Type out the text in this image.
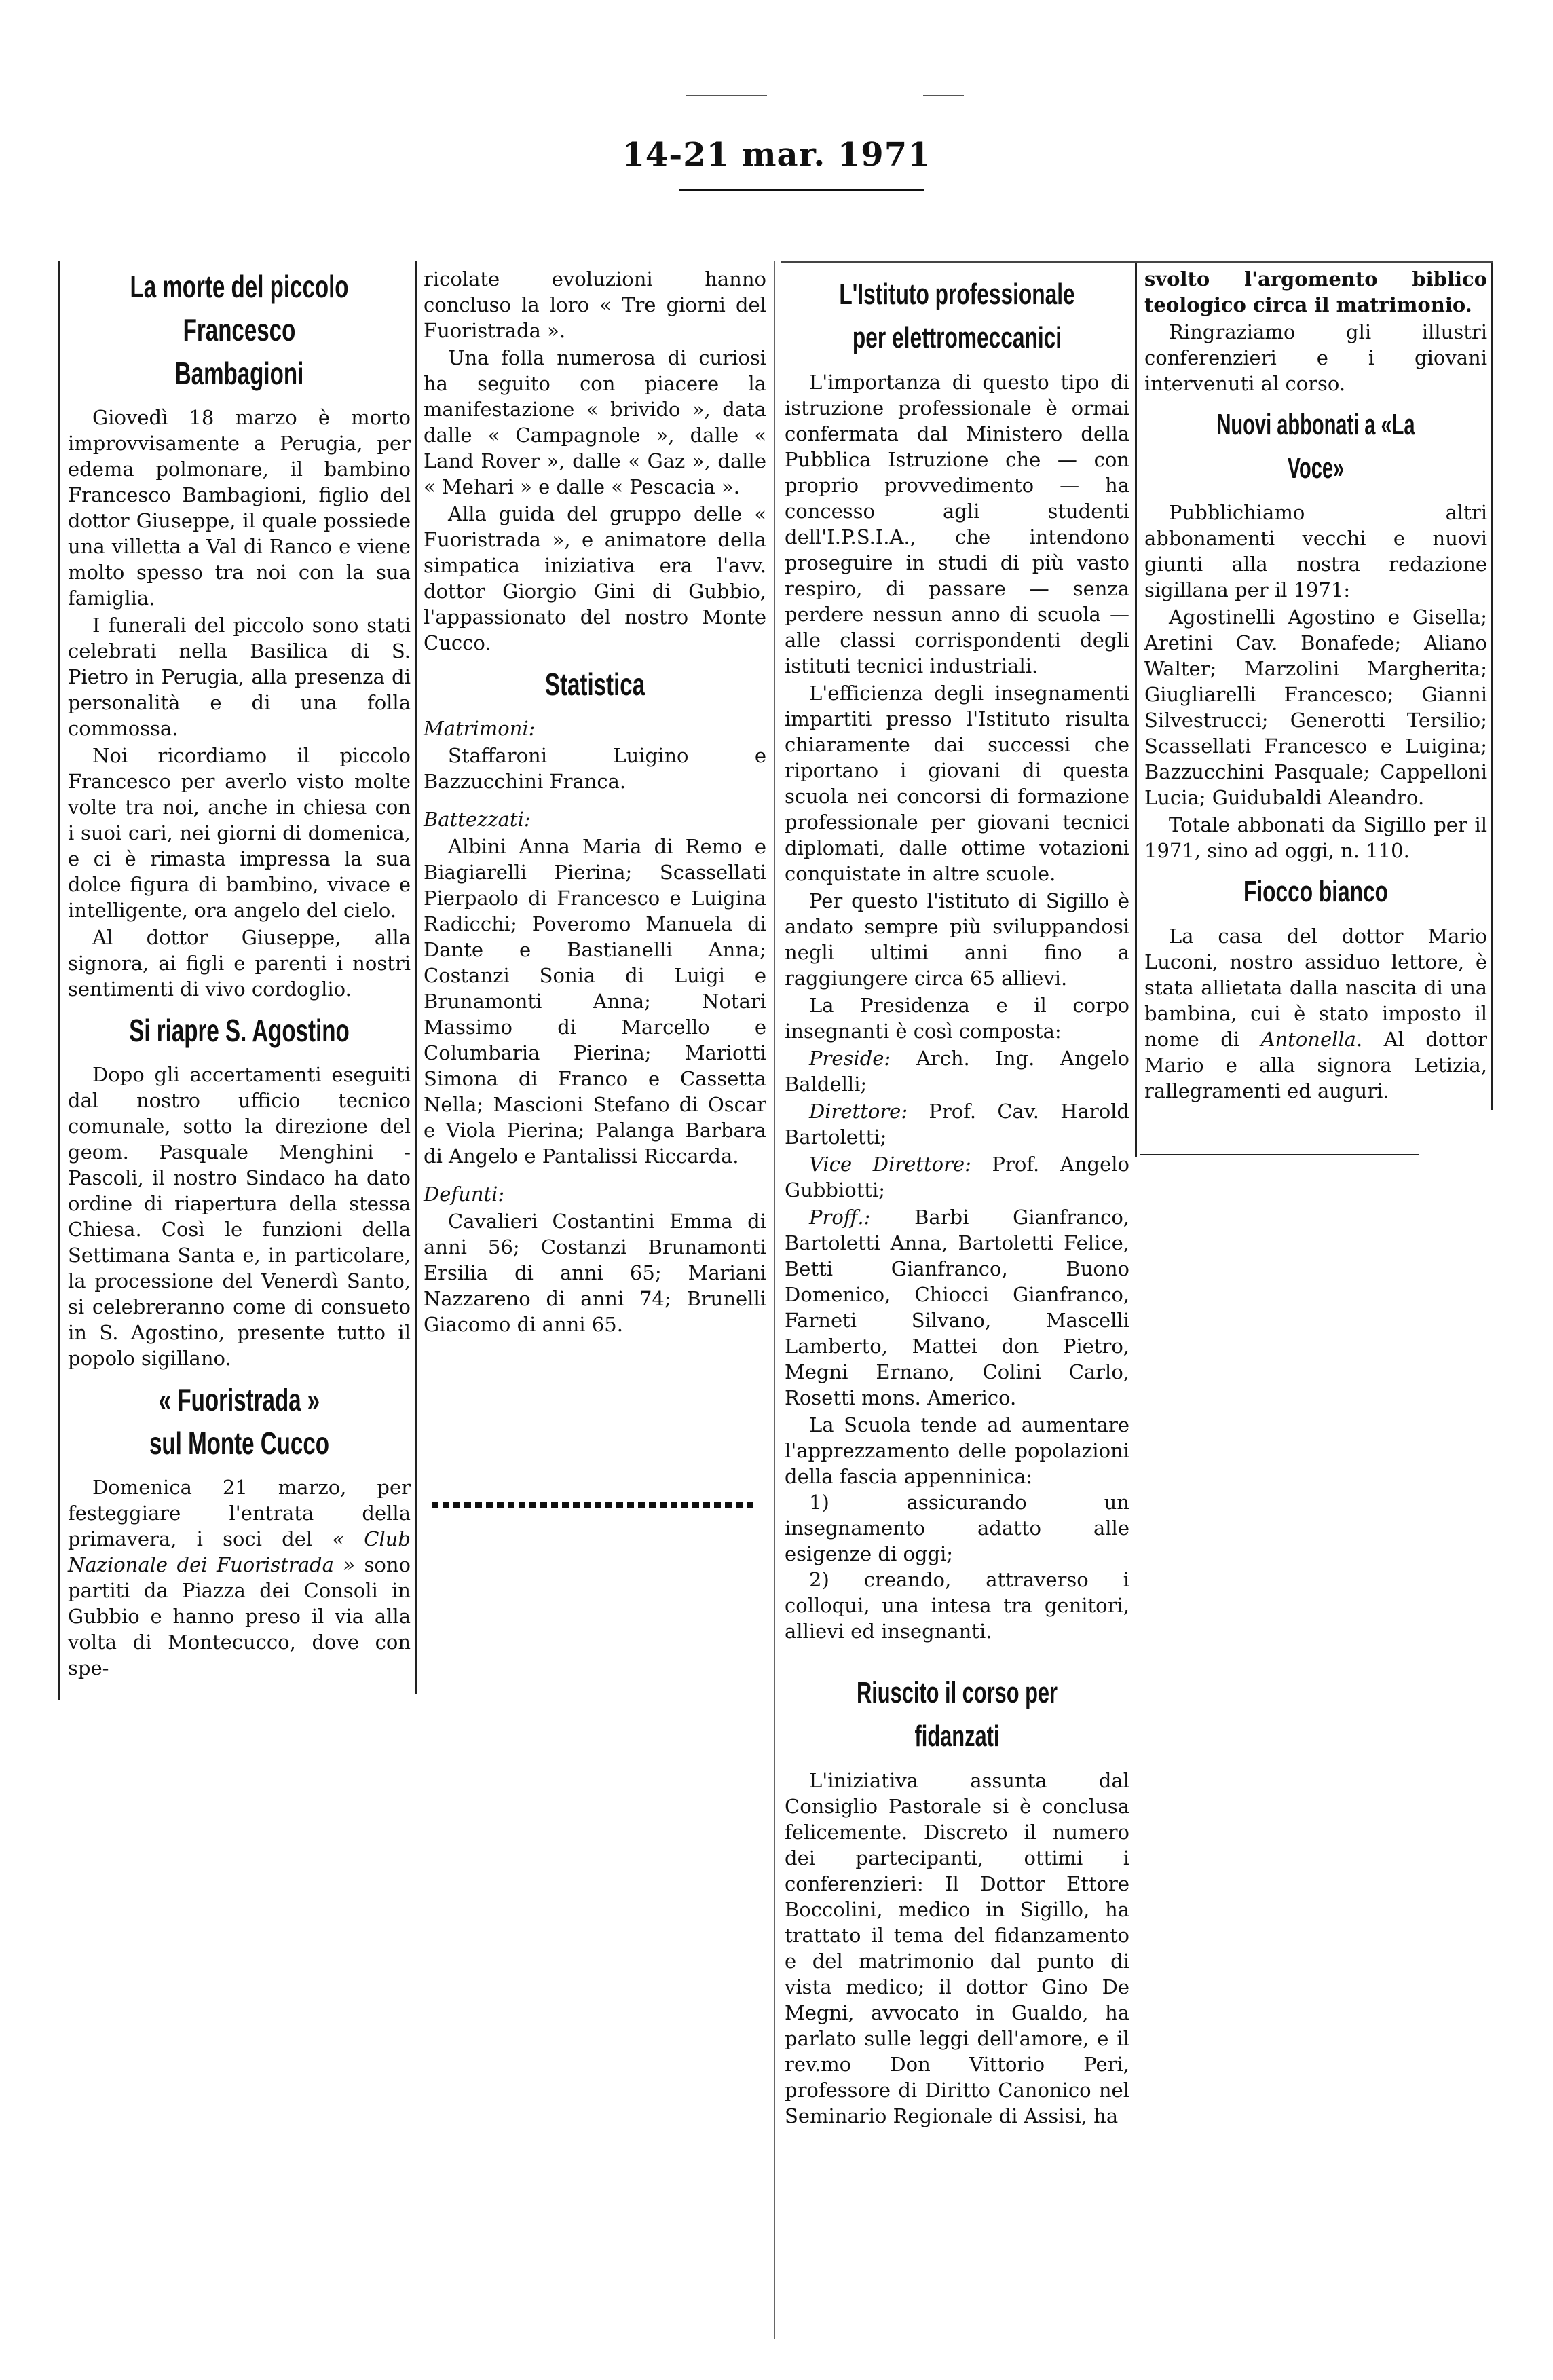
14-21 mar. 1971
La morte del piccolo
Francesco Bambagioni

Giovedì 18 marzo è morto improvvisamente a Perugia, per edema polmonare, il bambino Francesco Bambagioni, figlio del dottor Giuseppe, il quale possiede una villetta a Val di Ranco e viene molto spesso tra noi con la sua famiglia.

I funerali del piccolo sono stati celebrati nella Basilica di S. Pietro in Perugia, alla presenza di personalità e di una folla commossa.

Noi ricordiamo il piccolo Francesco per averlo visto molte volte tra noi, anche in chiesa con i suoi cari, nei giorni di domenica, e ci è rimasta impressa la sua dolce figura di bambino, vivace e intelligente, ora angelo del cielo.

Al dottor Giuseppe, alla signora, ai figli e parenti i nostri sentimenti di vivo cordoglio.

Si riapre S. Agostino

Dopo gli accertamenti eseguiti dal nostro ufficio tecnico comunale, sotto la direzione del geom. Pasquale Menghini - Pascoli, il nostro Sindaco ha dato ordine di riapertura della stessa Chiesa. Così le funzioni della Settimana Santa e, in particolare, la processione del Venerdì Santo, si celebreranno come di consueto in S. Agostino, presente tutto il popolo sigillano.

« Fuoristrada »
sul Monte Cucco

Domenica 21 marzo, per festeggiare l'entrata della primavera, i soci del « Club Nazionale dei Fuoristrada » sono partiti da Piazza dei Consoli in Gubbio e hanno preso il via alla volta di Montecucco, dove con spe-

ricolate evoluzioni hanno concluso la loro « Tre giorni del Fuoristrada ».

Una folla numerosa di curiosi ha seguito con piacere la manifestazione « brivido », data dalle « Campagnole », dalle « Land Rover », dalle « Gaz », dalle « Mehari » e dalle « Pescacia ».

Alla guida del gruppo delle « Fuoristrada », e animatore della simpatica iniziativa era l'avv. dottor Giorgio Gini di Gubbio, l'appassionato del nostro Monte Cucco.

Statistica

Matrimoni:

Staffaroni Luigino e Bazzucchini Franca.

Battezzati:

Albini Anna Maria di Remo e Biagiarelli Pierina; Scassellati Pierpaolo di Francesco e Luigina Radicchi; Poveromo Manuela di Dante e Bastianelli Anna; Costanzi Sonia di Luigi e Brunamonti Anna; Notari Massimo di Marcello e Columbaria Pierina; Mariotti Simona di Franco e Cassetta Nella; Mascioni Stefano di Oscar e Viola Pierina; Palanga Barbara di Angelo e Pantalissi Riccarda.

Defunti:

Cavalieri Costantini Emma di anni 56; Costanzi Brunamonti Ersilia di anni 65; Mariani Nazzareno di anni 74; Brunelli Giacomo di anni 65.

L'Istituto professionale
per elettromeccanici

L'importanza di questo tipo di istruzione professionale è ormai confermata dal Ministero della Pubblica Istruzione che — con proprio provvedimento — ha concesso agli studenti dell'I.P.S.I.A., che intendono proseguire in studi di più vasto respiro, di passare — senza perdere nessun anno di scuola — alle classi corrispondenti degli istituti tecnici industriali.

L'efficienza degli insegnamenti impartiti presso l'Istituto risulta chiaramente dai successi che riportano i giovani di questa scuola nei concorsi di formazione professionale per giovani tecnici diplomati, dalle ottime votazioni conquistate in altre scuole.

Per questo l'istituto di Sigillo è andato sempre più sviluppandosi negli ultimi anni fino a raggiungere circa 65 allievi.

La Presidenza e il corpo insegnanti è così composta:

Preside: Arch. Ing. Angelo Baldelli;

Direttore: Prof. Cav. Harold Bartoletti;

Vice Direttore: Prof. Angelo Gubbiotti;

Proff.: Barbi Gianfranco, Bartoletti Anna, Bartoletti Felice, Betti Gianfranco, Buono Domenico, Chiocci Gianfranco, Farneti Silvano, Mascelli Lamberto, Mattei don Pietro, Megni Ernano, Colini Carlo, Rosetti mons. Americo.

La Scuola tende ad aumentare l'apprezzamento delle popolazioni della fascia appenninica:

1) assicurando un insegnamento adatto alle esigenze di oggi;
2) creando, attraverso i colloqui, una intesa tra genitori, allievi ed insegnanti.
Riuscito il corso per fidanzati

L'iniziativa assunta dal Consiglio Pastorale si è conclusa felicemente. Discreto il numero dei partecipanti, ottimi i conferenzieri: Il Dottor Ettore Boccolini, medico in Sigillo, ha trattato il tema del fidanzamento e del matrimonio dal punto di vista medico; il dottor Gino De Megni, avvocato in Gualdo, ha parlato sulle leggi dell'amore, e il rev.mo Don Vittorio Peri, professore di Diritto Canonico nel Seminario Regionale di Assisi, ha

svolto l'argomento biblico teologico circa il matrimonio.

Ringraziamo gli illustri conferenzieri e i giovani intervenuti al corso.

Nuovi abbonati a «La Voce»

Pubblichiamo altri abbonamenti vecchi e nuovi giunti alla nostra redazione sigillana per il 1971:

Agostinelli Agostino e Gisella; Aretini Cav. Bonafede; Aliano Walter; Marzolini Margherita; Giugliarelli Francesco; Gianni Silvestrucci; Generotti Tersilio; Scassellati Francesco e Luigina; Bazzucchini Pasquale; Cappelloni Lucia; Guidubaldi Aleandro.

Totale abbonati da Sigillo per il 1971, sino ad oggi, n. 110.

Fiocco bianco

La casa del dottor Mario Luconi, nostro assiduo lettore, è stata allietata dalla nascita di una bambina, cui è stato imposto il nome di Antonella. Al dottor Mario e alla signora Letizia, rallegramenti ed auguri.
